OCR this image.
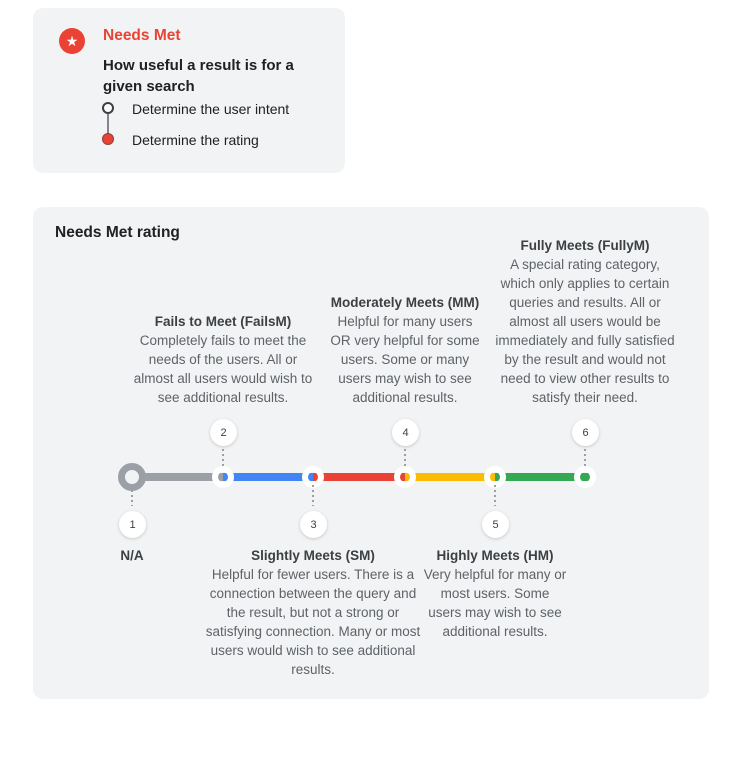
★ Needs Met
How useful a result is for a given search
Determine the user intent
Determine the rating
Needs Met rating
Fails to Meet (FailsM)

Completely fails to meet the needs of the users. All or almost all users would wish to see additional results.

Moderately Meets (MM)

Helpful for many users OR very helpful for some users. Some or many users may wish to see additional results.

Fully Meets (FullyM)

A special rating category, which only applies to certain queries and results. All or almost all users would be immediately and fully satisfied by the result and would not need to view other results to satisfy their need.

2	4	6
1	3	5
N/A	Slightly Meets (SM)

Helpful for fewer users. There is a connection between the query and the result, but not a strong or satisfying connection. Many or most users would wish to see additional results.

Highly Meets (HM)

Very helpful for many or most users. Some users may wish to see additional results.
